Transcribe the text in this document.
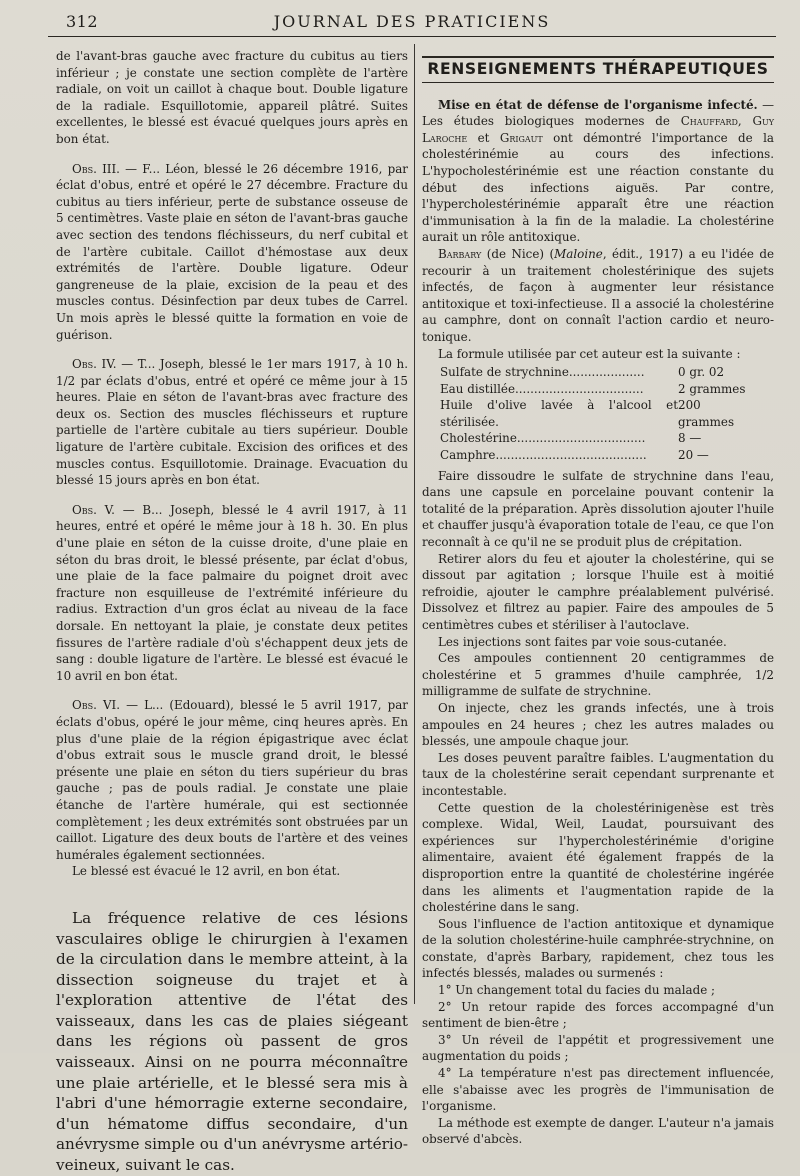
312	JOURNAL DES PRATICIENS

de l'avant-bras gauche avec fracture du cubitus au tiers inférieur ; je constate une section complète de l'artère radiale, on voit un caillot à chaque bout. Double ligature de la radiale. Esquillotomie, appareil plâtré. Suites excellentes, le blessé est évacué quelques jours après en bon état.

Obs. III. — F... Léon, blessé le 26 décembre 1916, par éclat d'obus, entré et opéré le 27 décembre. Fracture du cubitus au tiers inférieur, perte de substance osseuse de 5 centimètres. Vaste plaie en séton de l'avant-bras gauche avec section des tendons fléchisseurs, du nerf cubital et de l'artère cubitale. Caillot d'hémostase aux deux extrémités de l'artère. Double ligature. Odeur gangreneuse de la plaie, excision de la peau et des muscles contus. Désinfection par deux tubes de Carrel. Un mois après le blessé quitte la formation en voie de guérison.

Obs. IV. — T... Joseph, blessé le 1er mars 1917, à 10 h. 1/2 par éclats d'obus, entré et opéré ce même jour à 15 heures. Plaie en séton de l'avant-bras avec fracture des deux os. Section des muscles fléchisseurs et rupture partielle de l'artère cubitale au tiers supérieur. Double ligature de l'artère cubitale. Excision des orifices et des muscles contus. Esquillotomie. Drainage. Evacuation du blessé 15 jours après en bon état.

Obs. V. — B... Joseph, blessé le 4 avril 1917, à 11 heures, entré et opéré le même jour à 18 h. 30. En plus d'une plaie en séton de la cuisse droite, d'une plaie en séton du bras droit, le blessé présente, par éclat d'obus, une plaie de la face palmaire du poignet droit avec fracture non esquilleuse de l'extrémité inférieure du radius. Extraction d'un gros éclat au niveau de la face dorsale. En nettoyant la plaie, je constate deux petites fissures de l'artère radiale d'où s'échappent deux jets de sang : double ligature de l'artère. Le blessé est évacué le 10 avril en bon état.

Obs. VI. — L... (Edouard), blessé le 5 avril 1917, par éclats d'obus, opéré le jour même, cinq heures après. En plus d'une plaie de la région épigastrique avec éclat d'obus extrait sous le muscle grand droit, le blessé présente une plaie en séton du tiers supérieur du bras gauche ; pas de pouls radial. Je constate une plaie étanche de l'artère humérale, qui est sectionnée complètement ; les deux extrémités sont obstruées par un caillot. Ligature des deux bouts de l'artère et des veines humérales également sectionnées.

Le blessé est évacué le 12 avril, en bon état.

La fréquence relative de ces lésions vasculaires oblige le chirurgien à l'examen de la circulation dans le membre atteint, à la dissection soigneuse du trajet et à l'exploration attentive de l'état des vaisseaux, dans les cas de plaies siégeant dans les régions où passent de gros vaisseaux. Ainsi on ne pourra méconnaître une plaie artérielle, et le blessé sera mis à l'abri d'une hémorragie externe secondaire, d'un hématome diffus secondaire, d'un anévrysme simple ou d'un anévrysme artério-veineux, suivant le cas.

RENSEIGNEMENTS THÉRAPEUTIQUES

Mise en état de défense de l'organisme infecté. — Les études biologiques modernes de Chauffard, Guy Laroche et Grigaut ont démontré l'importance de la cholestérinémie au cours des infections. L'hypocholestérinémie est une réaction constante du début des infections aiguës. Par contre, l'hypercholestérinémie apparaît être une réaction d'immunisation à la fin de la maladie. La cholestérine aurait un rôle antitoxique.

Barbary (de Nice) (Maloine, édit., 1917) a eu l'idée de recourir à un traitement cholestérinique des sujets infectés, de façon à augmenter leur résistance antitoxique et toxi-infectieuse. Il a associé la cholestérine au camphre, dont on connaît l'action cardio et neuro-tonique.

La formule utilisée par cet auteur est la suivante :

Sulfate de strychnine....................	0 gr. 02
Eau distillée..................................	2 grammes
Huile d'olive lavée à l'alcool et stérilisée.	200 grammes
Cholestérine..................................	8 —
Camphre........................................	20 —

Faire dissoudre le sulfate de strychnine dans l'eau, dans une capsule en porcelaine pouvant contenir la totalité de la préparation. Après dissolution ajouter l'huile et chauffer jusqu'à évaporation totale de l'eau, ce que l'on reconnaît à ce qu'il ne se produit plus de crépitation.

Retirer alors du feu et ajouter la cholestérine, qui se dissout par agitation ; lorsque l'huile est à moitié refroidie, ajouter le camphre préalablement pulvérisé. Dissolvez et filtrez au papier. Faire des ampoules de 5 centimètres cubes et stériliser à l'autoclave.

Les injections sont faites par voie sous-cutanée.

Ces ampoules contiennent 20 centigrammes de cholestérine et 5 grammes d'huile camphrée, 1/2 milligramme de sulfate de strychnine.

On injecte, chez les grands infectés, une à trois ampoules en 24 heures ; chez les autres malades ou blessés, une ampoule chaque jour.

Les doses peuvent paraître faibles. L'augmentation du taux de la cholestérine serait cependant surprenante et incontestable.

Cette question de la cholestérinigenèse est très complexe. Widal, Weil, Laudat, poursuivant des expériences sur l'hypercholestérinémie d'origine alimentaire, avaient été également frappés de la disproportion entre la quantité de cholestérine ingérée dans les aliments et l'augmentation rapide de la cholestérine dans le sang.

Sous l'influence de l'action antitoxique et dynamique de la solution cholestérine-huile camphrée-strychnine, on constate, d'après Barbary, rapidement, chez tous les infectés blessés, malades ou surmenés :

1° Un changement total du facies du malade ;

2° Un retour rapide des forces accompagné d'un sentiment de bien-être ;

3° Un réveil de l'appétit et progressivement une augmentation du poids ;

4° La température n'est pas directement influencée, elle s'abaisse avec les progrès de l'immunisation de l'organisme.

La méthode est exempte de danger. L'auteur n'a jamais observé d'abcès.
